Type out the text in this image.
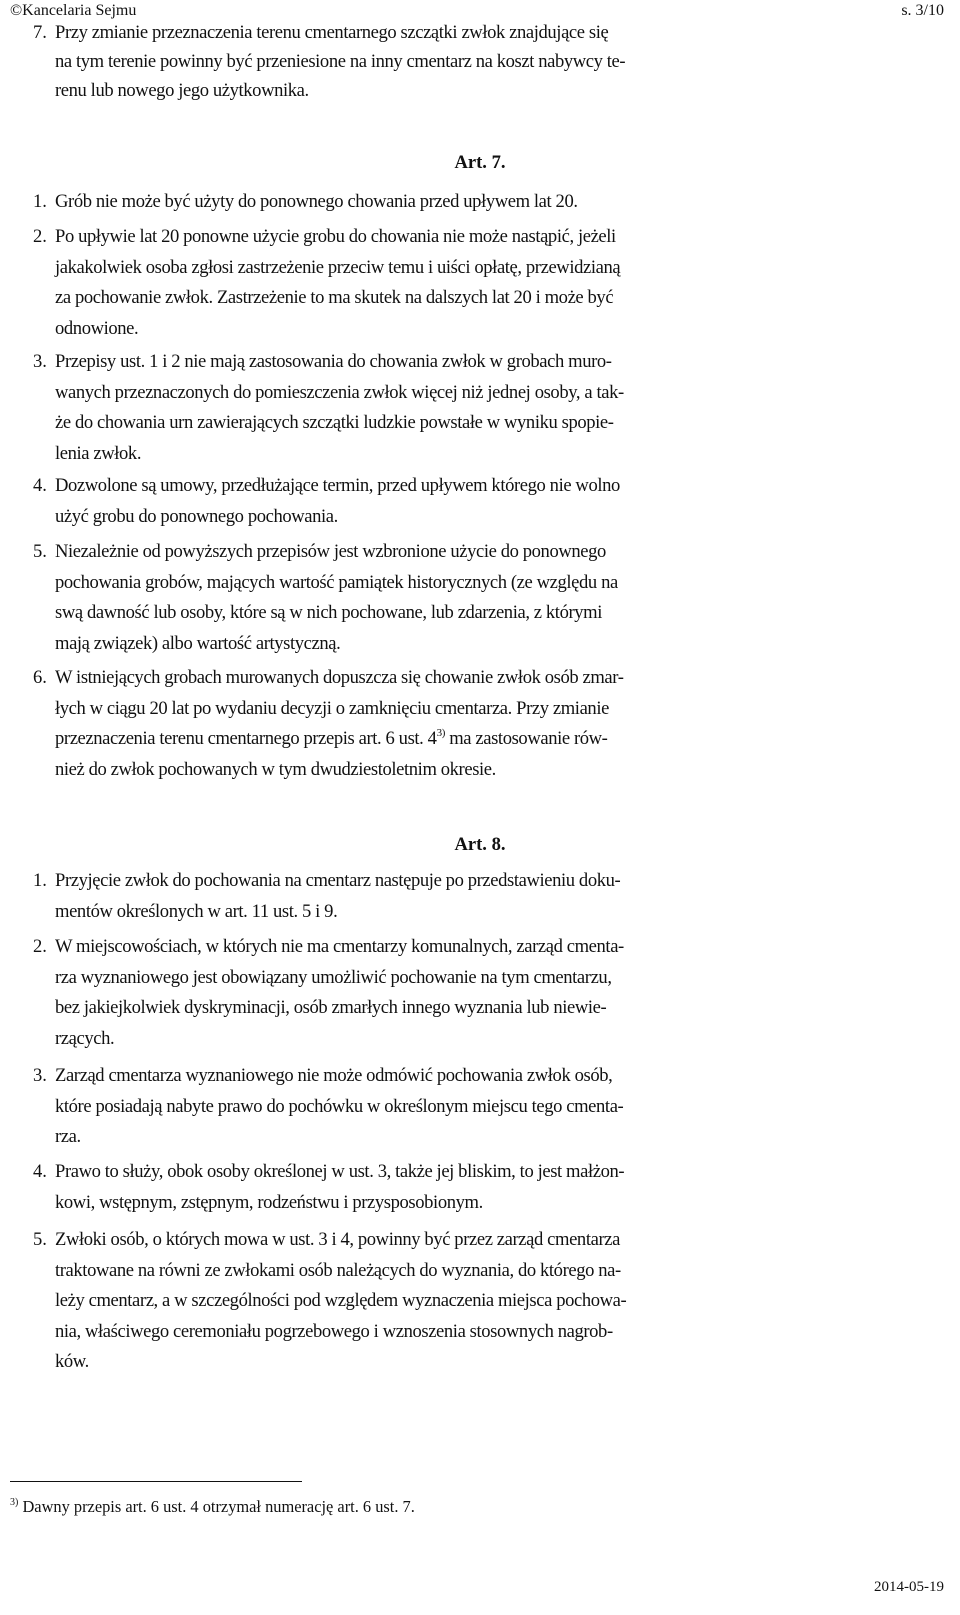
©Kancelaria Sejmu	s. 3/10
7. Przy zmianie przeznaczenia terenu cmentarnego szczątki zwłok znajdujące się
na tym terenie powinny być przeniesione na inny cmentarz na koszt nabywcy te-
renu lub nowego jego użytkownika.
Art. 7.
1. Grób nie może być użyty do ponownego chowania przed upływem lat 20.
2. Po upływie lat 20 ponowne użycie grobu do chowania nie może nastąpić, jeżeli
jakakolwiek osoba zgłosi zastrzeżenie przeciw temu i uiści opłatę, przewidzianą
za pochowanie zwłok. Zastrzeżenie to ma skutek na dalszych lat 20 i może być
odnowione.
3. Przepisy ust. 1 i 2 nie mają zastosowania do chowania zwłok w grobach muro-
wanych przeznaczonych do pomieszczenia zwłok więcej niż jednej osoby, a tak-
że do chowania urn zawierających szczątki ludzkie powstałe w wyniku spopie-
lenia zwłok.
4. Dozwolone są umowy, przedłużające termin, przed upływem którego nie wolno
użyć grobu do ponownego pochowania.
5. Niezależnie od powyższych przepisów jest wzbronione użycie do ponownego
pochowania grobów, mających wartość pamiątek historycznych (ze względu na
swą dawność lub osoby, które są w nich pochowane, lub zdarzenia, z którymi
mają związek) albo wartość artystyczną.
6. W istniejących grobach murowanych dopuszcza się chowanie zwłok osób zmar-
łych w ciągu 20 lat po wydaniu decyzji o zamknięciu cmentarza. Przy zmianie
przeznaczenia terenu cmentarnego przepis art. 6 ust. 4$^{3)}$ ma zastosowanie rów-
nież do zwłok pochowanych w tym dwudziestoletnim okresie.
Art. 8.
1. Przyjęcie zwłok do pochowania na cmentarz następuje po przedstawieniu doku-
mentów określonych w art. 11 ust. 5 i 9.
2. W miejscowościach, w których nie ma cmentarzy komunalnych, zarząd cmenta-
rza wyznaniowego jest obowiązany umożliwić pochowanie na tym cmentarzu,
bez jakiejkolwiek dyskryminacji, osób zmarłych innego wyznania lub niewie-
rzących.
3. Zarząd cmentarza wyznaniowego nie może odmówić pochowania zwłok osób,
które posiadają nabyte prawo do pochówku w określonym miejscu tego cmenta-
rza.
4. Prawo to służy, obok osoby określonej w ust. 3, także jej bliskim, to jest małżon-
kowi, wstępnym, zstępnym, rodzeństwu i przysposobionym.
5. Zwłoki osób, o których mowa w ust. 3 i 4, powinny być przez zarząd cmentarza
traktowane na równi ze zwłokami osób należących do wyznania, do którego na-
leży cmentarz, a w szczególności pod względem wyznaczenia miejsca pochowa-
nia, właściwego ceremoniału pogrzebowego i wznoszenia stosownych nagrob-
ków.
$^{3)}$ Dawny przepis art. 6 ust. 4 otrzymał numerację art. 6 ust. 7.
2014-05-19
